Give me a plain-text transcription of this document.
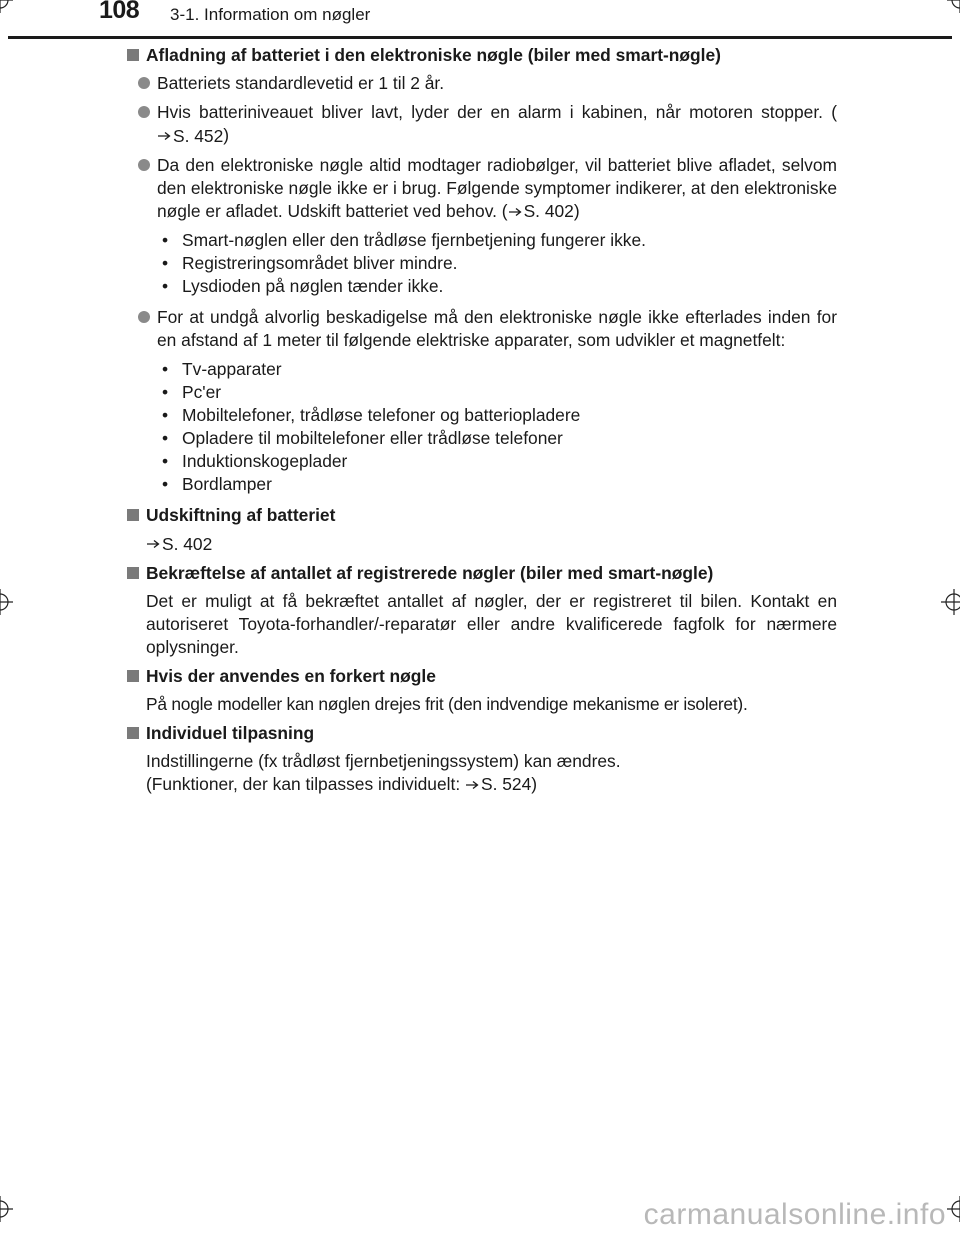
108 3-1. Information om nøgler
Afladning af batteriet i den elektroniske nøgle (biler med smart-nøgle)
Batteriets standardlevetid er 1 til 2 år.
Hvis batteriniveauet bliver lavt, lyder der en alarm i kabinen, når motoren stopper. (
S. 452 )
Da den elektroniske nøgle altid modtager radiobølger, vil batteriet blive afladet, selvom den elektroniske nøgle ikke er i brug. Følgende symptomer indikerer, at den elektroniske nøgle er afladet. Udskift batteriet ved behov. ( S. 402 )
• Smart-nøglen eller den trådløse fjernbetjening fungerer ikke.
• Registreringsområdet bliver mindre.
• Lysdioden på nøglen tænder ikke.
For at undgå alvorlig beskadigelse må den elektroniske nøgle ikke efterlades inden for en afstand af 1 meter til følgende elektriske apparater, som udvikler et magnetfelt:
• Tv-apparater
• Pc'er
• Mobiltelefoner, trådløse telefoner og batteriopladere
• Opladere til mobiltelefoner eller trådløse telefoner
• Induktionskogeplader
• Bordlamper
Udskiftning af batteriet
S. 402
Bekræftelse af antallet af registrerede nøgler (biler med smart-nøgle)
Det er muligt at få bekræftet antallet af nøgler, der er registreret til bilen. Kontakt en autoriseret Toyota-forhandler/-reparatør eller andre kvalificerede fagfolk for nærmere oplysninger.
Hvis der anvendes en forkert nøgle
På nogle modeller kan nøglen drejes frit (den indvendige mekanisme er isoleret).
Individuel tilpasning
Indstillingerne (fx trådløst fjernbetjeningssystem) kan ændres.
(Funktioner, der kan tilpasses individuelt: S. 524 )
carmanualsonline.info
